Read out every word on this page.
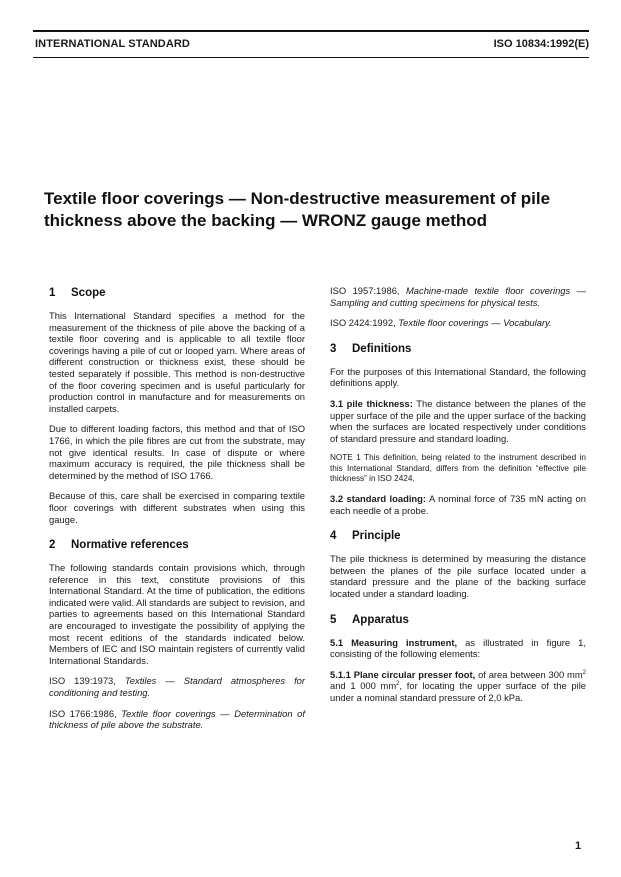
INTERNATIONAL STANDARD	ISO 10834:1992(E)
Textile floor coverings — Non-destructive measurement of pile thickness above the backing — WRONZ gauge method
1 Scope

This International Standard specifies a method for the measurement of the thickness of pile above the backing of a textile floor covering and is applicable to all textile floor coverings having a pile of cut or looped yarn. Where areas of different construction or thickness exist, these should be tested separately if possible. This method is non-destructive of the floor covering specimen and is useful particularly for production control in manufacture and for measurements on installed carpets.

Due to different loading factors, this method and that of ISO 1766, in which the pile fibres are cut from the substrate, may not give identical results. In case of dispute or where maximum accuracy is required, the pile thickness shall be determined by the method of ISO 1766.

Because of this, care shall be exercised in comparing textile floor coverings with different substrates when using this gauge.

2 Normative references

The following standards contain provisions which, through reference in this text, constitute provisions of this International Standard. At the time of publication, the editions indicated were valid. All standards are subject to revision, and parties to agreements based on this International Standard are encouraged to investigate the possibility of applying the most recent editions of the standards indicated below. Members of IEC and ISO maintain registers of currently valid International Standards.

ISO 139:1973, Textiles — Standard atmospheres for conditioning and testing.

ISO 1766:1986, Textile floor coverings — Determination of thickness of pile above the substrate.

ISO 1957:1986, Machine-made textile floor coverings — Sampling and cutting specimens for physical tests.

ISO 2424:1992, Textile floor coverings — Vocabulary.

3 Definitions

For the purposes of this International Standard, the following definitions apply.

3.1 pile thickness: The distance between the planes of the upper surface of the pile and the upper surface of the backing when the surfaces are located respectively under conditions of standard pressure and standard loading.

NOTE 1 This definition, being related to the instrument described in this International Standard, differs from the definition “effective pile thickness” in ISO 2424.

3.2 standard loading: A nominal force of 735 mN acting on each needle of a probe.

4 Principle

The pile thickness is determined by measuring the distance between the planes of the pile surface located under a standard pressure and the plane of the backing surface located under a standard loading.

5 Apparatus

5.1 Measuring instrument, as illustrated in figure 1, consisting of the following elements:

5.1.1 Plane circular presser foot, of area between 300 $mm^2$ and 1 000 $mm^2$, for locating the upper surface of the pile under a nominal standard pressure of 2,0 kPa.

1
